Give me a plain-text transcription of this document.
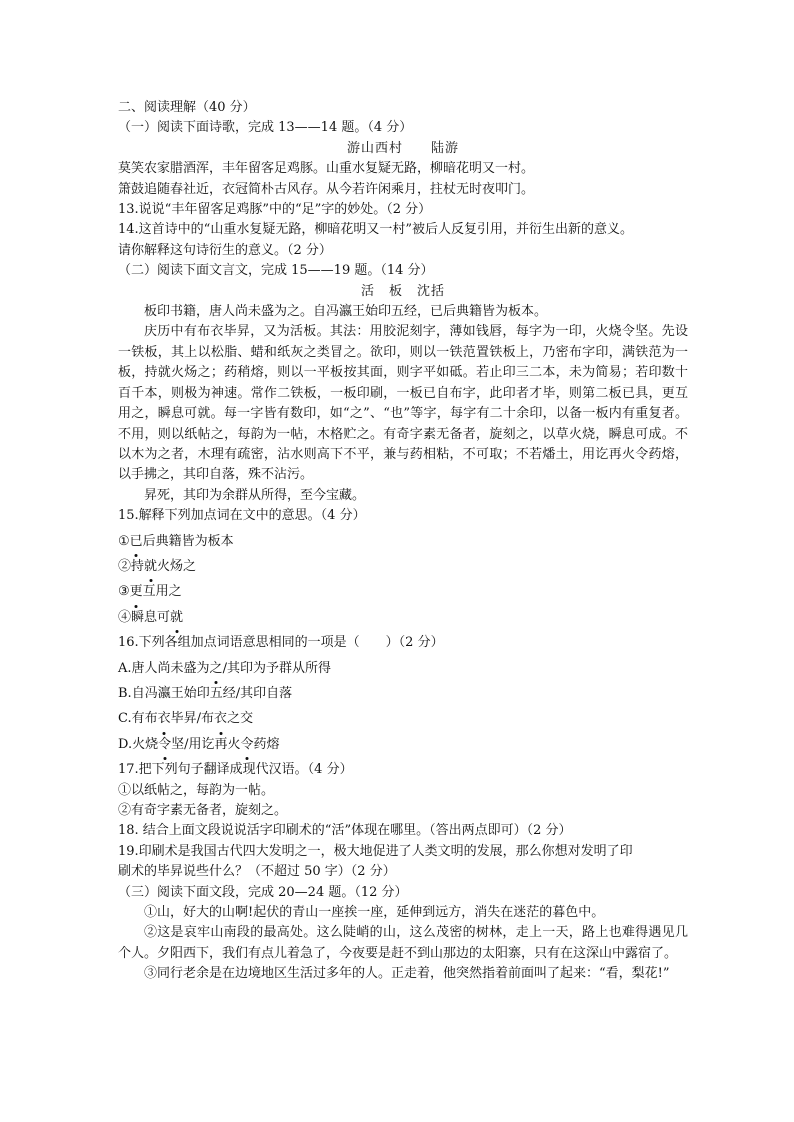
二、阅读理解（40 分）
（一）阅读下面诗歌，完成 13——14 题。（4 分）
游山西村　　陆游
莫笑农家腊酒浑，丰年留客足鸡豚。山重水复疑无路，柳暗花明又一村。
箫鼓追随春社近，衣冠简朴古风存。从今若许闲乘月，拄杖无时夜叩门。
13.说说“丰年留客足鸡豚”中的“足”字的妙处。（2 分）
14.这首诗中的“山重水复疑无路，柳暗花明又一村”被后人反复引用，并衍生出新的意义。
请你解释这句诗衍生的意义。（2 分）
（二）阅读下面文言文，完成 15——19 题。（14 分）
活　板　沈括
板印书籍，唐人尚未盛为之。自冯瀛王始印五经，已后典籍皆为板本。
庆历中有布衣毕昇，又为活板。其法：用胶泥刻字，薄如钱唇，每字为一印，火烧令坚。先设一铁板，其上以松脂、蜡和纸灰之类冒之。欲印，则以一铁范置铁板上，乃密布字印，满铁范为一板，持就火炀之；药稍熔，则以一平板按其面，则字平如砥。若止印三二本，未为简易；若印数十百千本，则极为神速。常作二铁板，一板印刷，一板已自布字，此印者才毕，则第二板已具，更互用之，瞬息可就。每一字皆有数印，如“之”、“也”等字，每字有二十余印，以备一板内有重复者。不用，则以纸帖之，每韵为一帖，木格贮之。有奇字素无备者，旋刻之，以草火烧，瞬息可成。不以木为之者，木理有疏密，沾水则高下不平，兼与药相粘，不可取；不若燔土，用讫再火令药熔，以手拂之，其印自落，殊不沾污。
昇死，其印为余群从所得，至今宝藏。
15.解释下列加点词在文中的意思。（4 分）
①已后典籍皆为板本
②持就火炀之
③更互用之
④瞬息可就
16.下列各组加点词语意思相同的一项是（　　）（2 分）
A.唐人尚未盛为之/其印为予群从所得
B.自冯瀛王始印五经/其印自落
C.有布衣毕昇/布衣之交
D.火烧令坚/用讫再火令药熔
17.把下列句子翻译成现代汉语。（4 分）
①以纸帖之，每韵为一帖。
②有奇字素无备者，旋刻之。
18. 结合上面文段说说活字印刷术的“活”体现在哪里。（答出两点即可）（2 分）
19.印刷术是我国古代四大发明之一，极大地促进了人类文明的发展，那么你想对发明了印
刷术的毕昇说些什么？（不超过 50 字）（2 分）
（三）阅读下面文段，完成 20—24 题。（12 分）
①山，好大的山啊!起伏的青山一座挨一座，延伸到远方，消失在迷茫的暮色中。
②这是哀牢山南段的最高处。这么陡峭的山，这么茂密的树林，走上一天，路上也难得遇见几个人。夕阳西下，我们有点儿着急了，今夜要是赶不到山那边的太阳寨，只有在这深山中露宿了。
③同行老余是在边境地区生活过多年的人。正走着，他突然指着前面叫了起来：“看，梨花!”
